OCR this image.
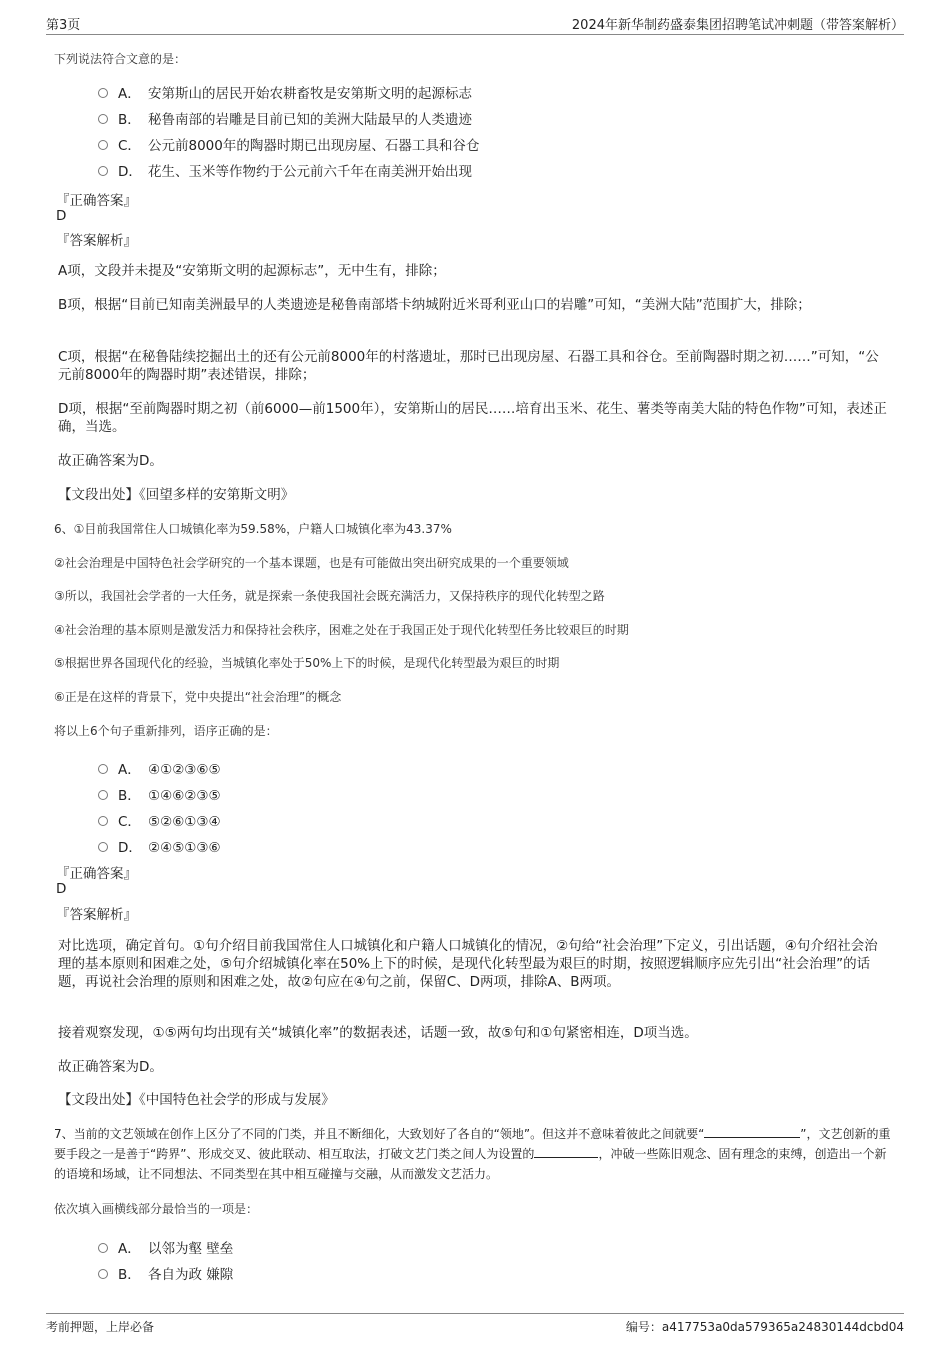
第3页	2024年新华制药盛泰集团招聘笔试冲刺题（带答案解析）
下列说法符合文意的是：
A． 安第斯山的居民开始农耕畜牧是安第斯文明的起源标志
B． 秘鲁南部的岩雕是目前已知的美洲大陆最早的人类遗迹
C． 公元前8000年的陶器时期已出现房屋、石器工具和谷仓
D． 花生、玉米等作物约于公元前六千年在南美洲开始出现
『正确答案』
D
『答案解析』
A项，文段并未提及“安第斯文明的起源标志”，无中生有，排除；
B项，根据“目前已知南美洲最早的人类遗迹是秘鲁南部塔卡纳城附近米哥利亚山口的岩雕”可知，“美洲大陆”范围扩大，排除；
C项，根据“在秘鲁陆续挖掘出土的还有公元前8000年的村落遗址，那时已出现房屋、石器工具和谷仓。至前陶器时期之初……”可知，“公元前8000年的陶器时期”表述错误，排除；
D项，根据“至前陶器时期之初（前6000—前1500年），安第斯山的居民……培育出玉米、花生、薯类等南美大陆的特色作物”可知，表述正确，当选。
故正确答案为D。
【文段出处】《回望多样的安第斯文明》
6、①目前我国常住人口城镇化率为59.58%，户籍人口城镇化率为43.37%
②社会治理是中国特色社会学研究的一个基本课题，也是有可能做出突出研究成果的一个重要领域
③所以，我国社会学者的一大任务，就是探索一条使我国社会既充满活力，又保持秩序的现代化转型之路
④社会治理的基本原则是激发活力和保持社会秩序，困难之处在于我国正处于现代化转型任务比较艰巨的时期
⑤根据世界各国现代化的经验，当城镇化率处于50%上下的时候，是现代化转型最为艰巨的时期
⑥正是在这样的背景下，党中央提出“社会治理”的概念
将以上6个句子重新排列，语序正确的是：
A． ④①②③⑥⑤
B． ①④⑥②③⑤
C． ⑤②⑥①③④
D． ②④⑤①③⑥
『正确答案』
D
『答案解析』
对比选项，确定首句。①句介绍目前我国常住人口城镇化和户籍人口城镇化的情况，②句给“社会治理”下定义，引出话题，④句介绍社会治理的基本原则和困难之处，⑤句介绍城镇化率在50%上下的时候，是现代化转型最为艰巨的时期，按照逻辑顺序应先引出“社会治理”的话题，再说社会治理的原则和困难之处，故②句应在④句之前，保留C、D两项，排除A、B两项。
接着观察发现，①⑤两句均出现有关“城镇化率”的数据表述，话题一致，故⑤句和①句紧密相连，D项当选。
故正确答案为D。
【文段出处】《中国特色社会学的形成与发展》
7、当前的文艺领域在创作上区分了不同的门类，并且不断细化，大致划好了各自的“领地”。但这并不意味着彼此之间就要“	”，文艺创新的重要手段之一是善于“跨界”、形成交叉、彼此联动、相互取法，打破文艺门类之间人为设置的	，冲破一些陈旧观念、固有理念的束缚，创造出一个新的语境和场域，让不同想法、不同类型在其中相互碰撞与交融，从而激发文艺活力。
依次填入画横线部分最恰当的一项是：
A． 以邻为壑 壁垒
B． 各自为政 嫌隙
考前押题，上岸必备	编号：a417753a0da579365a24830144dcbd04
